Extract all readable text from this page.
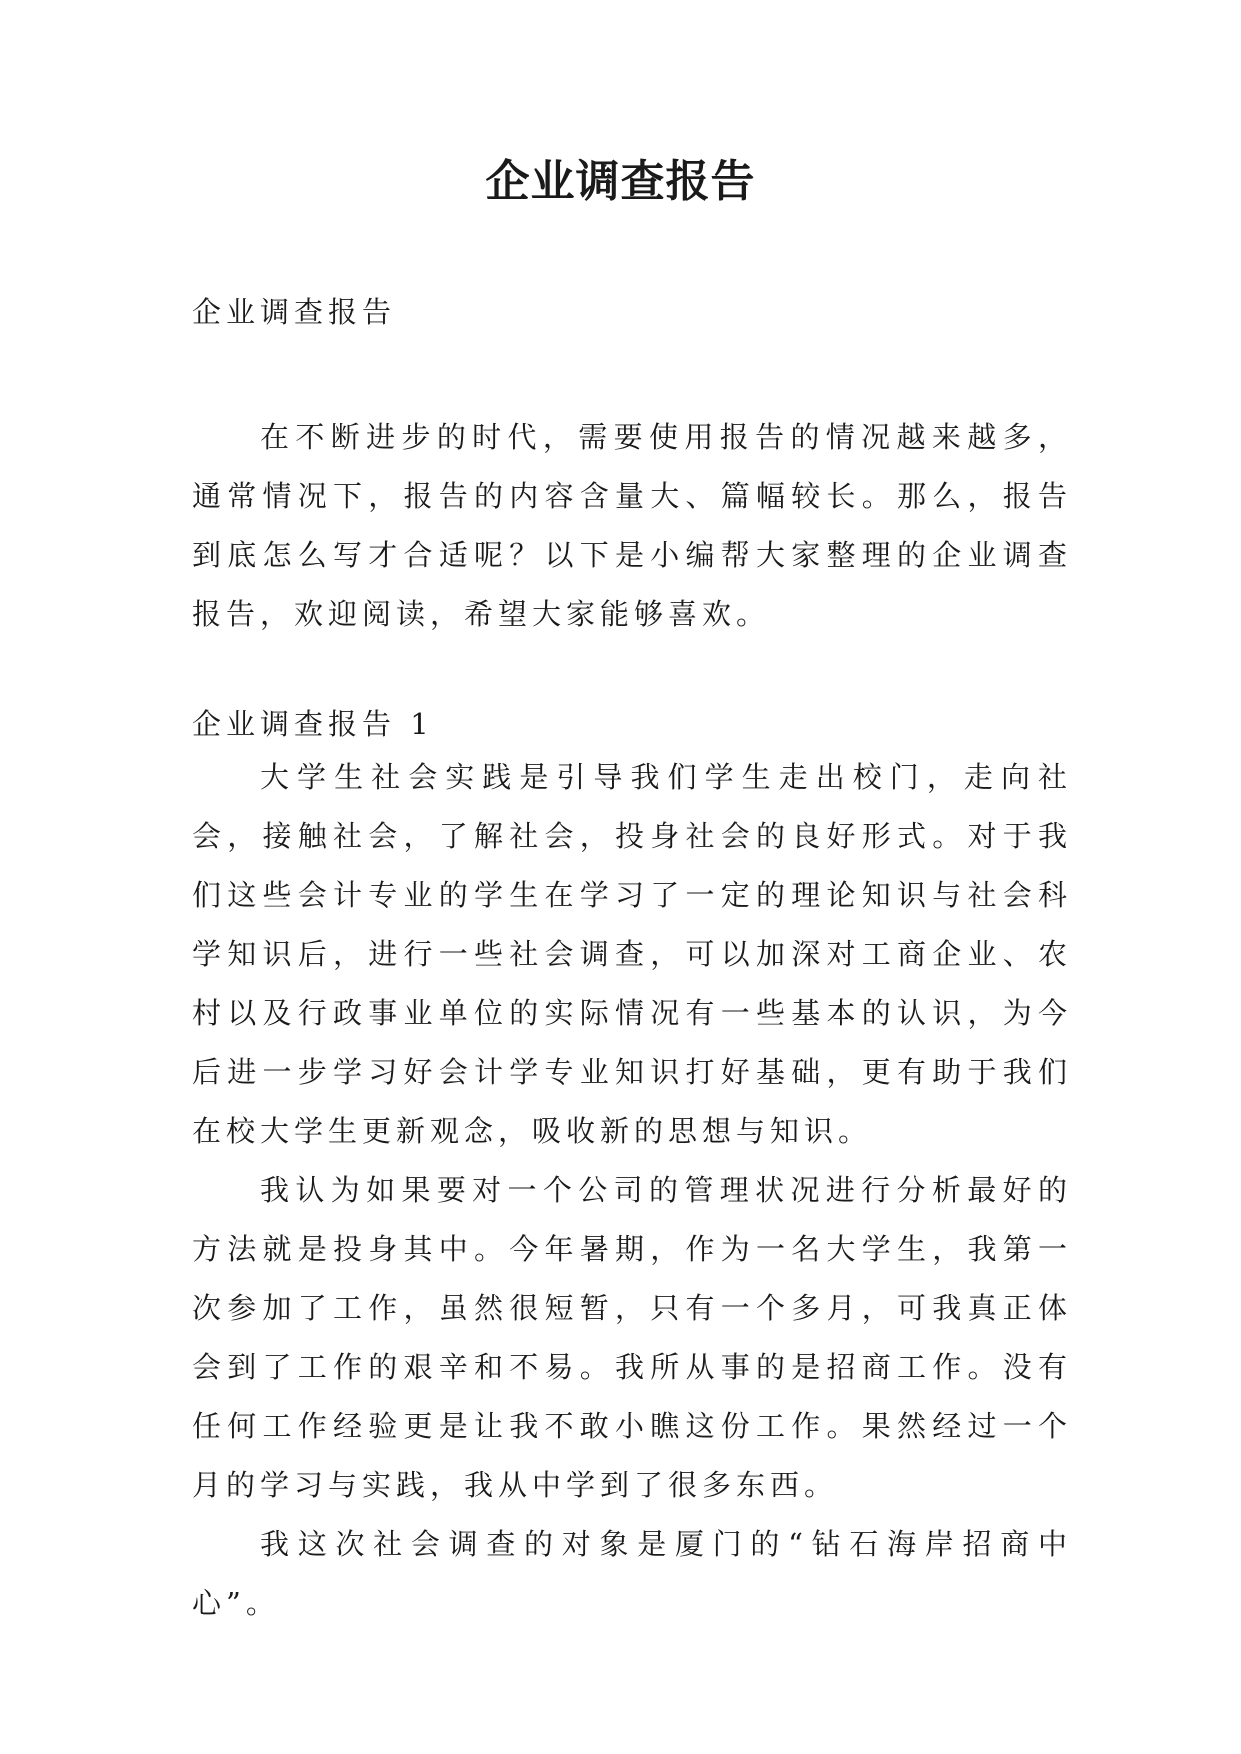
企业调查报告

企业调查报告

在不断进步的时代，需要使用报告的情况越来越多，通常情况下，报告的内容含量大、篇幅较长。那么，报告到底怎么写才合适呢？以下是小编帮大家整理的企业调查报告，欢迎阅读，希望大家能够喜欢。

企业调查报告 1

大学生社会实践是引导我们学生走出校门，走向社会，接触社会，了解社会，投身社会的良好形式。对于我们这些会计专业的学生在学习了一定的理论知识与社会科学知识后，进行一些社会调查，可以加深对工商企业、农村以及行政事业单位的实际情况有一些基本的认识，为今后进一步学习好会计学专业知识打好基础，更有助于我们在校大学生更新观念，吸收新的思想与知识。

我认为如果要对一个公司的管理状况进行分析最好的方法就是投身其中。今年暑期，作为一名大学生，我第一次参加了工作，虽然很短暂，只有一个多月，可我真正体会到了工作的艰辛和不易。我所从事的是招商工作。没有任何工作经验更是让我不敢小瞧这份工作。果然经过一个月的学习与实践，我从中学到了很多东西。

我这次社会调查的对象是厦门的“钻石海岸招商中心”。
